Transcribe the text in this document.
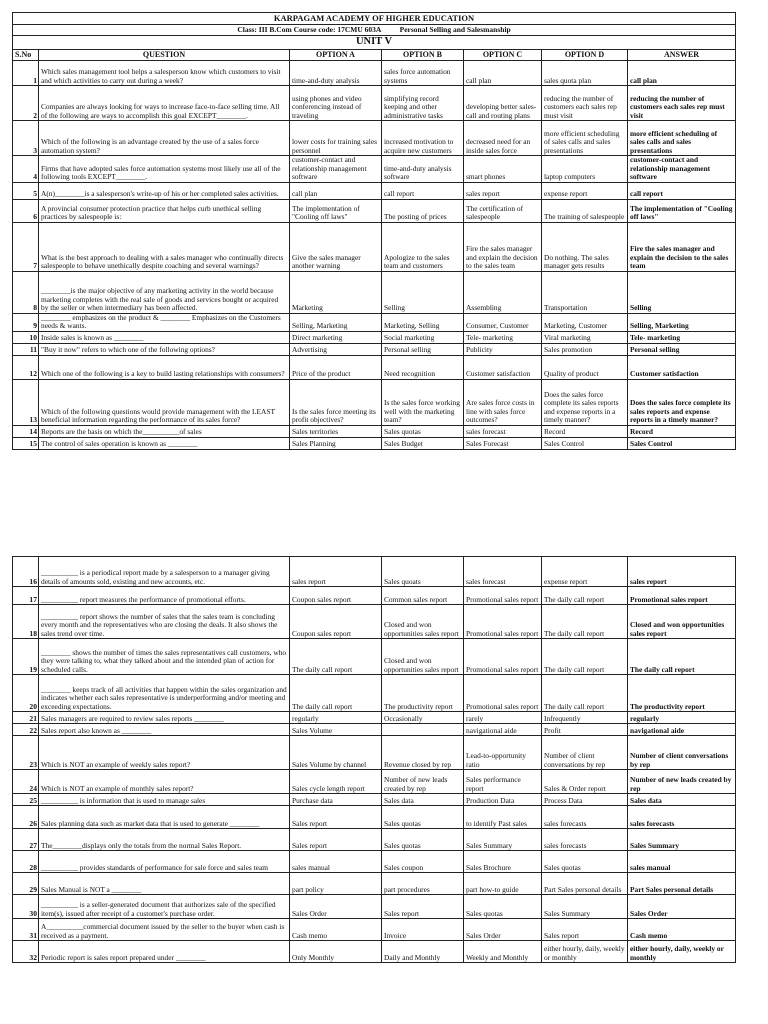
KARPAGAM ACADEMY OF HIGHER EDUCATION						
Class: III B.Com Course code: 17CMU 603A          Personal Selling and Salesmanship						
UNIT V						
S.No	QUESTION	OPTION A	OPTION B	OPTION C	OPTION D	ANSWER
1	Which sales management tool helps a salesperson know which customers to visit and which activities to carry out during a week?	time-and-duty analysis	sales force automation systems	call plan	sales quota plan	call plan
2	Companies are always looking for ways to increase face-to-face selling time. All of the following are ways to accomplish this goal EXCEPT________.	using phones and video conferencing instead of traveling	simplifying record keeping and other administrative tasks	developing better sales-call and routing plans	reducing the number of customers each sales rep must visit	reducing the number of customers each sales rep must visit
3	Which of the following is an advantage created by the use of a sales force automation system?	lower costs for training sales personnel	increased motivation to acquire new customers	decreased need for an inside sales force	more efficient scheduling of sales calls and sales presentations	more efficient scheduling of sales calls and sales presentations
4	Firms that have adopted sales force automation systems most likely use all of the following tools EXCEPT________.	customer-contact and relationship management software	time-and-duty analysis software	smart phones	laptop computers	customer-contact and relationship management software
5	A(n)________is a salesperson's write-up of his or her completed sales activities.	call plan	call report	sales report	expense report	call report
6	A provincial consumer protection practice that helps curb unethical selling practices by salespeople is:	The implementation of "Cooling off laws"	The posting of prices	The certification of salespeople	The training of salespeople	The implementation of "Cooling off laws"
7	What is the best approach to dealing with a sales manager who continually directs salespeople to behave unethically despite coaching and several warnings?	Give the sales manager another warning	Apologize to the sales team and customers	Fire the sales manager and explain the decision to the sales team	Do nothing. The sales manager gets results	Fire the sales manager and explain the decision to the sales team
8	________is the major objective of any marketing activity in the world because marketing completes with the real sale of goods and services bought or acquired by the seller or when intermediary has been affected.	Marketing	Selling	Assembling	Transportation	Selling
9	________ emphasizes on the product & ________ Emphasizes on the Customers needs & wants.	Selling, Marketing	Marketing, Selling	Consumer, Customer	Marketing, Customer	Selling, Marketing
10	Inside sales is known as ________	Direct marketing	Social marketing	Tele- marketing	Viral marketing	Tele- marketing
11	"Buy it now" refers to which one of the following options?	Advertising	Personal selling	Publicity	Sales promotion	Personal selling
12	Which one of the following is a key to build lasting relationships with consumers?	Price of the product	Need recognition	Customer satisfaction	Quality of product	Customer satisfaction
13	Which of the following questions would provide management with the LEAST beneficial information regarding the performance of its sales force?	Is the sales force meeting its profit objectives?	Is the sales force working well with the marketing team?	Are sales force costs in line with sales force outcomes?	Does the sales force complete its sales reports and expense reports in a timely manner?	Does the sales force complete its sales reports and expense reports in a timely manner?
14	Reports are the basis on which the__________of sales	Sales territories	Sales quotas	sales forecast	Record	Record
15	The control of sales operation is known as ________	Sales Planning	Sales Budget	Sales Forecast	Sales Control	Sales Control
16	__________ is a periodical report made by a salesperson to a manager giving details of amounts sold, existing and new accounts, etc.	sales report	Sales quoats	sales forecast	expense report	sales report
17	__________ report measures the performance of promotional efforts.	Coupon sales report	Common sales report	Promotional sales report	The daily call report	Promotional sales report
18	__________ report shows the number of sales that the sales team is concluding every month and the representatives who are closing the deals. It also shows the sales trend over time.	Coupon sales report	Closed and won opportunities sales report	Promotional sales report	The daily call report	Closed and won opportunities sales report
19	________ shows the number of times the sales representatives call customers, who they were talking to, what they talked about and the intended plan of action for scheduled calls.	The daily call report	Closed and won opportunities sales report	Promotional sales report	The daily call report	The daily call report
20	________ keeps track of all activities that happen within the sales organization and indicates whether each sales representative is underperforming and/or meeting and exceeding expectations.	The daily call report	The productivity report	Promotional sales report	The daily call report	The productivity report
21	Sales managers are required to review sales reports ________	regularly	Occasionally	rarely	Infrequently	regularly
22	Sales report also known as ________	Sales Volume		navigational aide	Profit	navigational aide
23	Which is NOT an example of weekly sales report?	Sales Volume by channel	Revenue closed by rep	Lead-to-opportunity ratio	Number of client conversations by rep	Number of client conversations by rep
24	Which is NOT an example of monthly sales report?	Sales cycle length report	Number of new leads created by rep	Sales performance report	Sales & Order report	Number of new leads created by rep
25	__________ is information that is used to manage sales	Purchase data	Sales data	Production Data	Process Data	Sales data
26	Sales planning data such as market data that is used to generate ________	Sales report	Sales quotas	to identify Past sales	sales forecasts	sales forecasts
27	The________displays only the totals from the normal Sales Report.	Sales report	Sales quotas	Sales Summary	sales forecasts	Sales Summary
28	__________ provides standards of performance for sale force and sales team	sales manual	Sales coupon	Sales Brochure	Sales quotas	sales manual
29	Sales Manual is NOT a ________	part policy	part procedures	part how-to guide	Part Sales personal details	Part Sales personal details
30	__________ is a seller-generated document that authorizes sale of the specified item(s), issued after receipt of a customer's purchase order.	Sales Order	Sales report	Sales quotas	Sales Summary	Sales Order
31	A__________commercial document issued by the seller to the buyer when cash is received as a payment.	Cash memo	Invoice	Sales Order	Sales report	Cash memo
32	Periodic report is sales report prepared under ________	Only Monthly	Daily and Monthly	Weekly and Monthly	either hourly, daily, weekly or monthly	either hourly, daily, weekly or monthly
